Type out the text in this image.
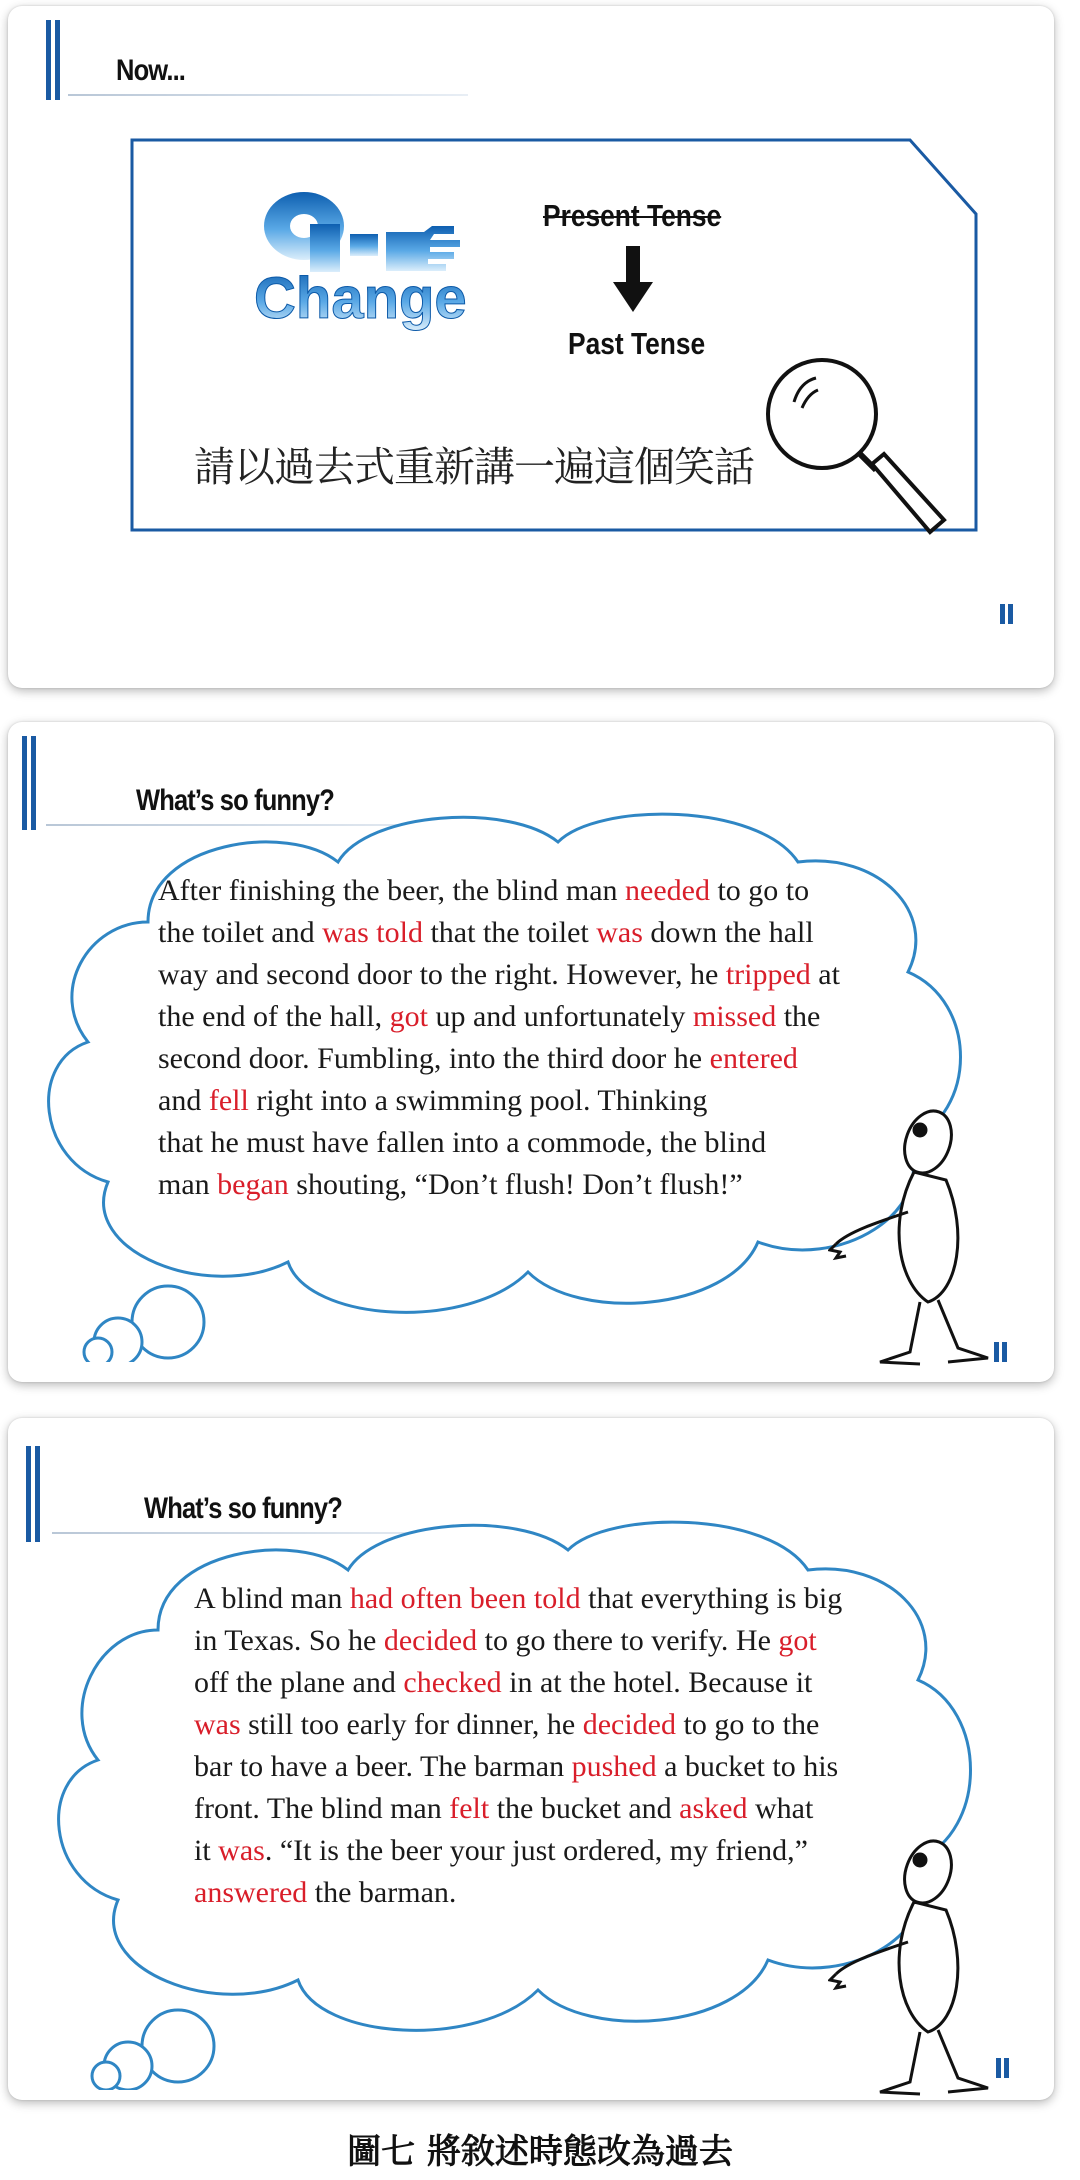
Now...
Change
Present Tense
Past Tense
請以過去式重新講一遍這個笑話
What’s so funny?
After finishing the beer, the blind man needed to go to
the toilet and was told that the toilet was down the hall
way and second door to the right. However, he tripped at
the end of the hall, got up and unfortunately missed the
second door. Fumbling, into the third door he entered
and fell right into a swimming pool. Thinking
that he must have fallen into a commode, the blind
man began shouting, “Don’t flush! Don’t flush!”
What’s so funny?
A blind man had often been told that everything is big
in Texas. So he decided to go there to verify. He got
off the plane and checked in at the hotel. Because it
was still too early for dinner, he decided to go to the
bar to have a beer. The barman pushed a bucket to his
front. The blind man felt the bucket and asked what
it was. “It is the beer your just ordered, my friend,”
answered the barman.
圖七 將敘述時態改為過去
